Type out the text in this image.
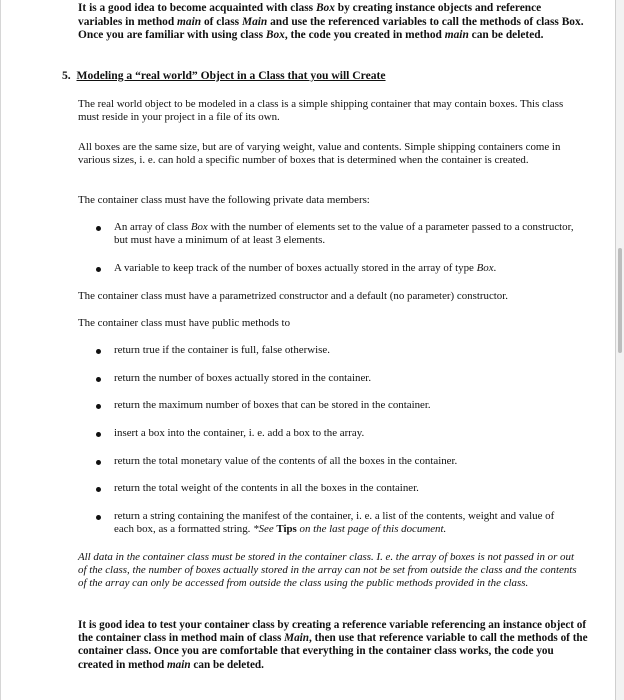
It is a good idea to become acquainted with class Box by creating instance objects and reference variables in method main of class Main and use the referenced variables to call the methods of class Box. Once you are familiar with using class Box, the code you created in method main can be deleted.

5. Modeling a “real world” Object in a Class that you will Create

The real world object to be modeled in a class is a simple shipping container that may contain boxes. This class must reside in your project in a file of its own.

All boxes are the same size, but are of varying weight, value and contents. Simple shipping containers come in various sizes, i. e. can hold a specific number of boxes that is determined when the container is created.

The container class must have the following private data members:

An array of class Box with the number of elements set to the value of a parameter passed to a constructor, but must have a minimum of at least 3 elements.

A variable to keep track of the number of boxes actually stored in the array of type Box.

The container class must have a parametrized constructor and a default (no parameter) constructor.

The container class must have public methods to

return true if the container is full, false otherwise.

return the number of boxes actually stored in the container.

return the maximum number of boxes that can be stored in the container.

insert a box into the container, i. e. add a box to the array.

return the total monetary value of the contents of all the boxes in the container.

return the total weight of the contents in all the boxes in the container.

return a string containing the manifest of the container, i. e. a list of the contents, weight and value of each box, as a formatted string. *See Tips on the last page of this document.

All data in the container class must be stored in the container class. I. e. the array of boxes is not passed in or out of the class, the number of boxes actually stored in the array can not be set from outside the class and the contents of the array can only be accessed from outside the class using the public methods provided in the class.

It is good idea to test your container class by creating a reference variable referencing an instance object of the container class in method main of class Main, then use that reference variable to call the methods of the container class. Once you are comfortable that everything in the container class works, the code you created in method main can be deleted.
